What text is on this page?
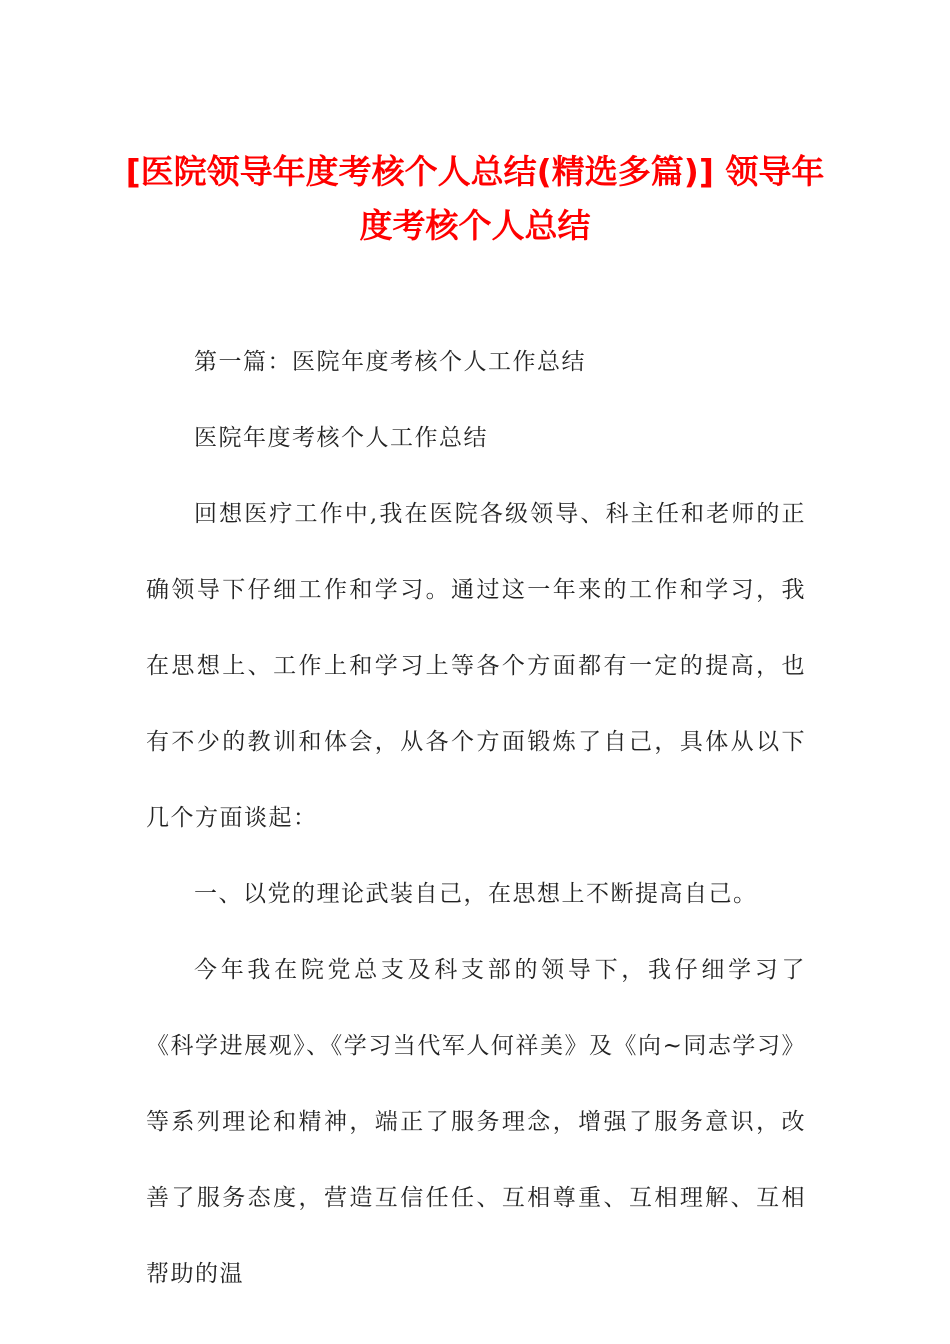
[医院领导年度考核个人总结(精选多篇)] 领导年度考核个人总结

第一篇：医院年度考核个人工作总结

医院年度考核个人工作总结

回想医疗工作中,我在医院各级领导、科主任和老师的正确领导下仔细工作和学习。通过这一年来的工作和学习，我在思想上、工作上和学习上等各个方面都有一定的提高，也有不少的教训和体会，从各个方面锻炼了自己，具体从以下几个方面谈起：

一、以党的理论武装自己，在思想上不断提高自己。

今年我在院党总支及科支部的领导下，我仔细学习了《科学进展观》、《学习当代军人何祥美》及《向~同志学习》等系列理论和精神，端正了服务理念，增强了服务意识，改善了服务态度，营造互信任任、互相尊重、互相理解、互相帮助的温
